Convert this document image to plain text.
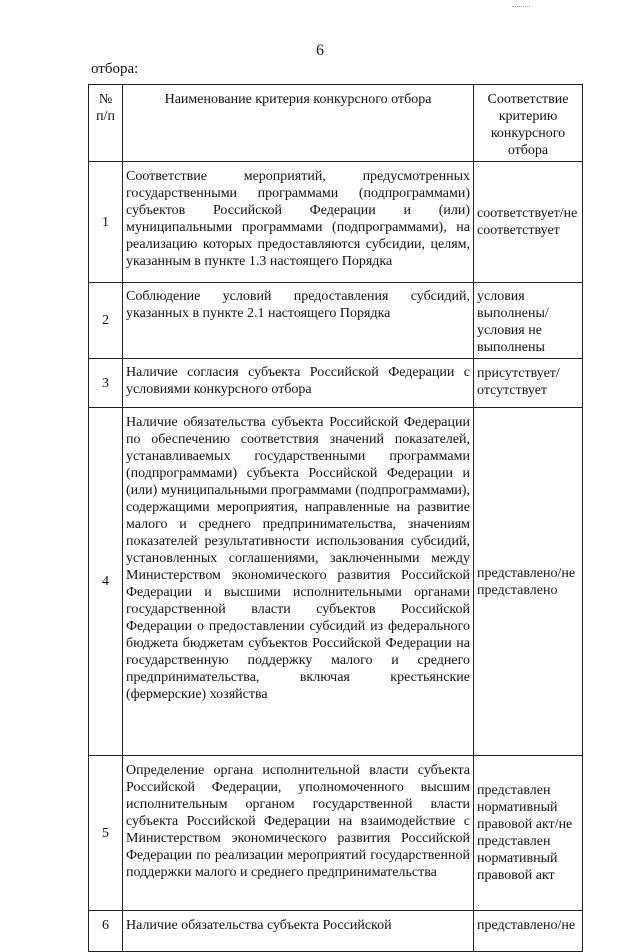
6
отбора:
№ п/п	Наименование критерия конкурсного отбора	Соответствие критерию конкурсного отбора
1	Соответствие мероприятий, предусмотренных государственными программами (подпрограммами) субъектов Российской Федерации и (или) муниципальными программами (подпрограммами), на реализацию которых предоставляются субсидии, целям, указанным в пункте 1.3 настоящего Порядка	соответствует/не соответствует
2	Соблюдение условий предоставления субсидий, указанных в пункте 2.1 настоящего Порядка	условия выполнены/условия не выполнены
3	Наличие согласия субъекта Российской Федерации с условиями конкурсного отбора	присутствует/ отсутствует
4	Наличие обязательства субъекта Российской Федерации по обеспечению соответствия значений показателей, устанавливаемых государственными программами (подпрограммами) субъекта Российской Федерации и (или) муниципальными программами (подпрограммами), содержащими мероприятия, направленные на развитие малого и среднего предпринимательства, значениям показателей результативности использования субсидий, установленных соглашениями, заключенными между Министерством экономического развития Российской Федерации и высшими исполнительными органами государственной власти субъектов Российской Федерации о предоставлении субсидий из федерального бюджета бюджетам субъектов Российской Федерации на государственную поддержку малого и среднего предпринимательства, включая крестьянские (фермерские) хозяйства	представлено/не представлено
5	Определение органа исполнительной власти субъекта Российской Федерации, уполномоченного высшим исполнительным органом государственной власти субъекта Российской Федерации на взаимодействие с Министерством экономического развития Российской Федерации по реализации мероприятий государственной поддержки малого и среднего предпринимательства	представлен нормативный правовой акт/не представлен нормативный правовой акт
6	Наличие обязательства субъекта Российской	представлено/не
